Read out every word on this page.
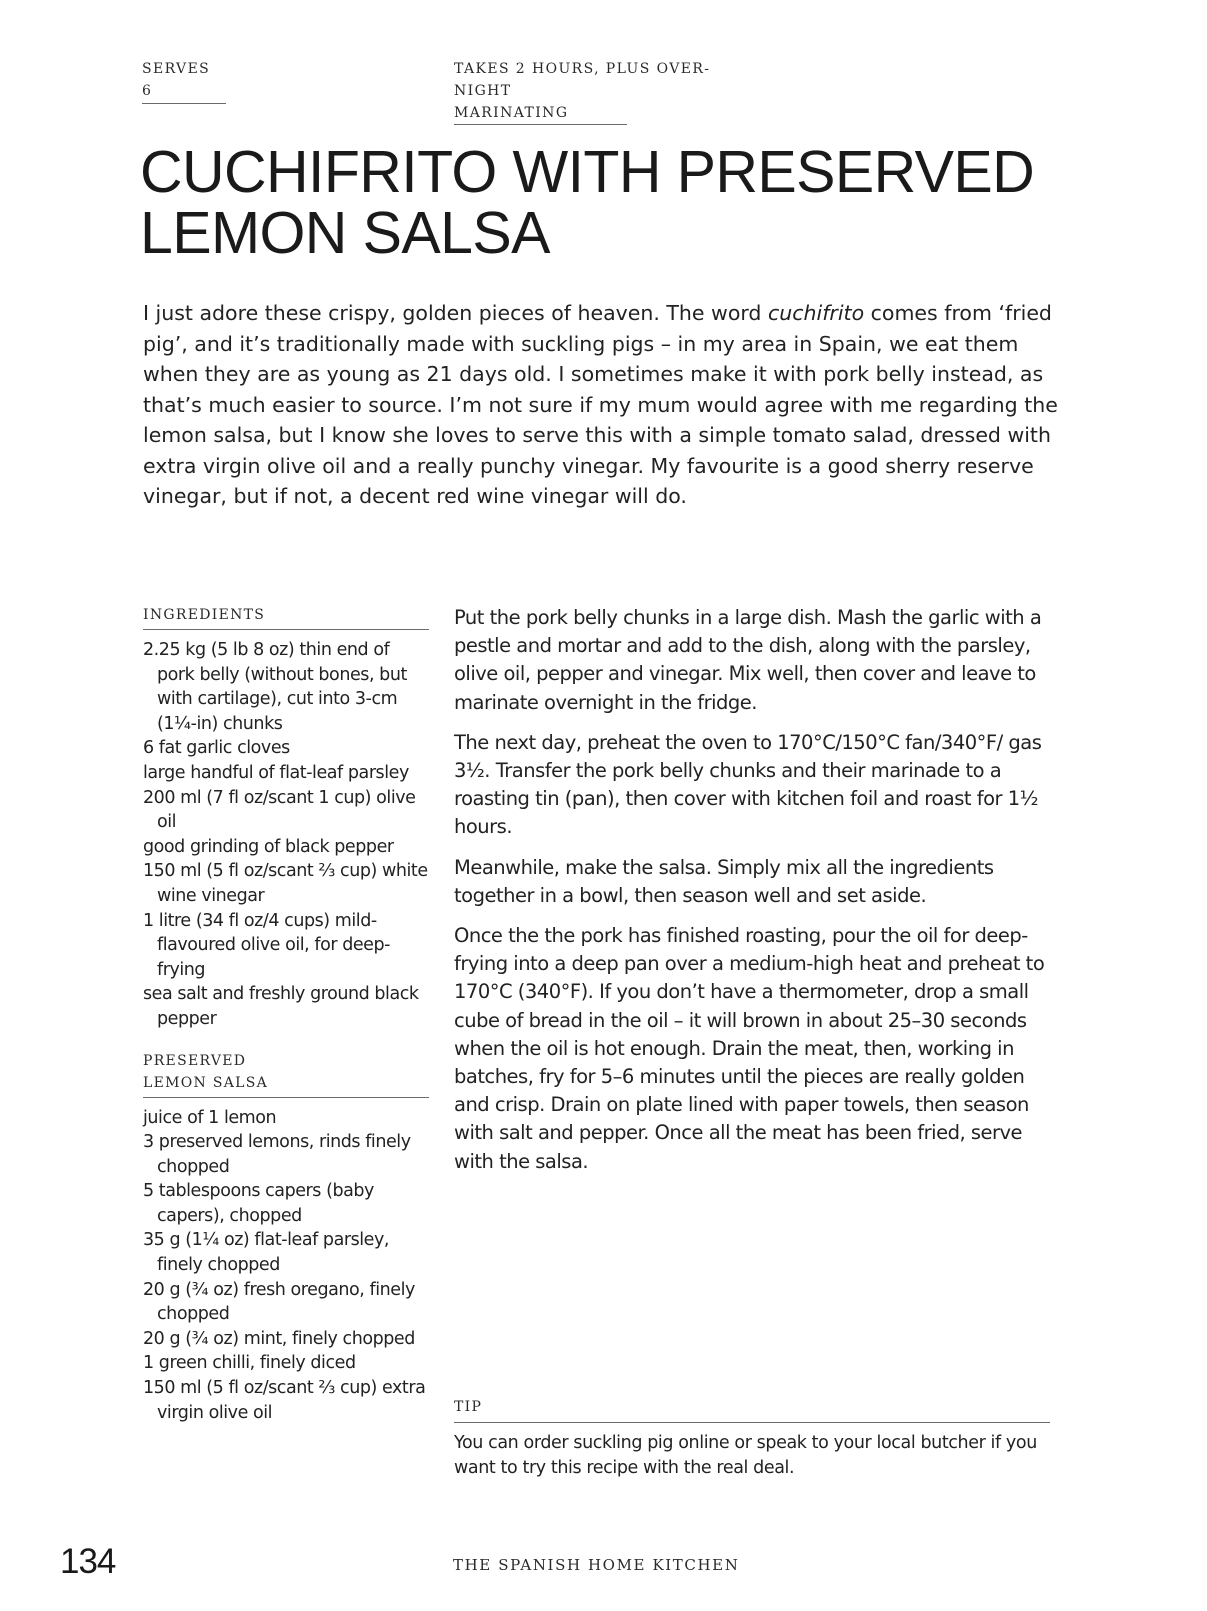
SERVES 6
TAKES 2 HOURS, PLUS OVER-
NIGHT MARINATING
CUCHIFRITO WITH PRESERVED
LEMON SALSA

I just adore these crispy, golden pieces of heaven. The word cuchifrito comes from ‘fried pig’, and it’s traditionally made with suckling pigs – in my area in Spain, we eat them when they are as young as 21 days old. I sometimes make it with pork belly instead, as that’s much easier to source. I’m not sure if my mum would agree with me regarding the lemon salsa, but I know she loves to serve this with a simple tomato salad, dressed with extra virgin olive oil and a really punchy vinegar. My favourite is a good sherry reserve vinegar, but if not, a decent red wine vinegar will do.

INGREDIENTS
2.25 kg (5 lb 8 oz) thin end of pork belly (without bones, but with cartilage), cut into 3-cm (1¼-in) chunks
6 fat garlic cloves
large handful of flat-leaf parsley
200 ml (7 fl oz/scant 1 cup) olive oil
good grinding of black pepper
150 ml (5 fl oz/scant ⅔ cup) white wine vinegar
1 litre (34 fl oz/4 cups) mild-flavoured olive oil, for deep-frying
sea salt and freshly ground black pepper
PRESERVED
LEMON SALSA
juice of 1 lemon
3 preserved lemons, rinds finely chopped
5 tablespoons capers (baby capers), chopped
35 g (1¼ oz) flat-leaf parsley, finely chopped
20 g (¾ oz) fresh oregano, finely chopped
20 g (¾ oz) mint, finely chopped
1 green chilli, finely diced
150 ml (5 fl oz/scant ⅔ cup) extra virgin olive oil

Put the pork belly chunks in a large dish. Mash the garlic with a pestle and mortar and add to the dish, along with the parsley, olive oil, pepper and vinegar. Mix well, then cover and leave to marinate overnight in the fridge.

The next day, preheat the oven to 170°C/150°C fan/340°F/ gas 3½. Transfer the pork belly chunks and their marinade to a roasting tin (pan), then cover with kitchen foil and roast for 1½ hours.

Meanwhile, make the salsa. Simply mix all the ingredients together in a bowl, then season well and set aside.

Once the the pork has finished roasting, pour the oil for deep-frying into a deep pan over a medium-high heat and preheat to 170°C (340°F). If you don’t have a thermometer, drop a small cube of bread in the oil – it will brown in about 25–30 seconds when the oil is hot enough. Drain the meat, then, working in batches, fry for 5–6 minutes until the pieces are really golden and crisp. Drain on plate lined with paper towels, then season with salt and pepper. Once all the meat has been fried, serve with the salsa.

TIP

You can order suckling pig online or speak to your local butcher if you want to try this recipe with the real deal.

134	THE SPANISH HOME KITCHEN
